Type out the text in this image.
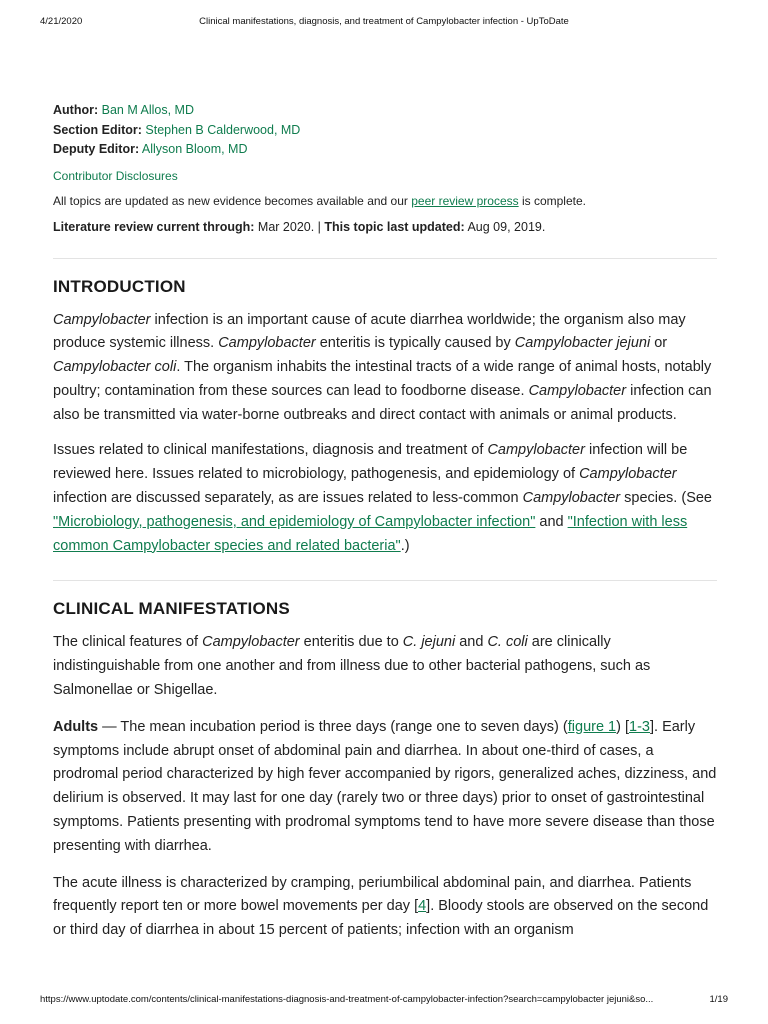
4/21/2020	Clinical manifestations, diagnosis, and treatment of Campylobacter infection - UpToDate
Author: Ban M Allos, MD
Section Editor: Stephen B Calderwood, MD
Deputy Editor: Allyson Bloom, MD
Contributor Disclosures
All topics are updated as new evidence becomes available and our peer review process is complete.
Literature review current through: Mar 2020. | This topic last updated: Aug 09, 2019.
INTRODUCTION

Campylobacter infection is an important cause of acute diarrhea worldwide; the organism also may produce systemic illness. Campylobacter enteritis is typically caused by Campylobacter jejuni or Campylobacter coli. The organism inhabits the intestinal tracts of a wide range of animal hosts, notably poultry; contamination from these sources can lead to foodborne disease. Campylobacter infection can also be transmitted via water-borne outbreaks and direct contact with animals or animal products.

Issues related to clinical manifestations, diagnosis and treatment of Campylobacter infection will be reviewed here. Issues related to microbiology, pathogenesis, and epidemiology of Campylobacter infection are discussed separately, as are issues related to less-common Campylobacter species. (See "Microbiology, pathogenesis, and epidemiology of Campylobacter infection" and "Infection with less common Campylobacter species and related bacteria".)

CLINICAL MANIFESTATIONS

The clinical features of Campylobacter enteritis due to C. jejuni and C. coli are clinically indistinguishable from one another and from illness due to other bacterial pathogens, such as Salmonellae or Shigellae.

Adults — The mean incubation period is three days (range one to seven days) (figure 1) [1-3]. Early symptoms include abrupt onset of abdominal pain and diarrhea. In about one-third of cases, a prodromal period characterized by high fever accompanied by rigors, generalized aches, dizziness, and delirium is observed. It may last for one day (rarely two or three days) prior to onset of gastrointestinal symptoms. Patients presenting with prodromal symptoms tend to have more severe disease than those presenting with diarrhea.

The acute illness is characterized by cramping, periumbilical abdominal pain, and diarrhea. Patients frequently report ten or more bowel movements per day [4]. Bloody stools are observed on the second or third day of diarrhea in about 15 percent of patients; infection with an organism

https://www.uptodate.com/contents/clinical-manifestations-diagnosis-and-treatment-of-campylobacter-infection?search=campylobacter jejuni&so...	1/19
